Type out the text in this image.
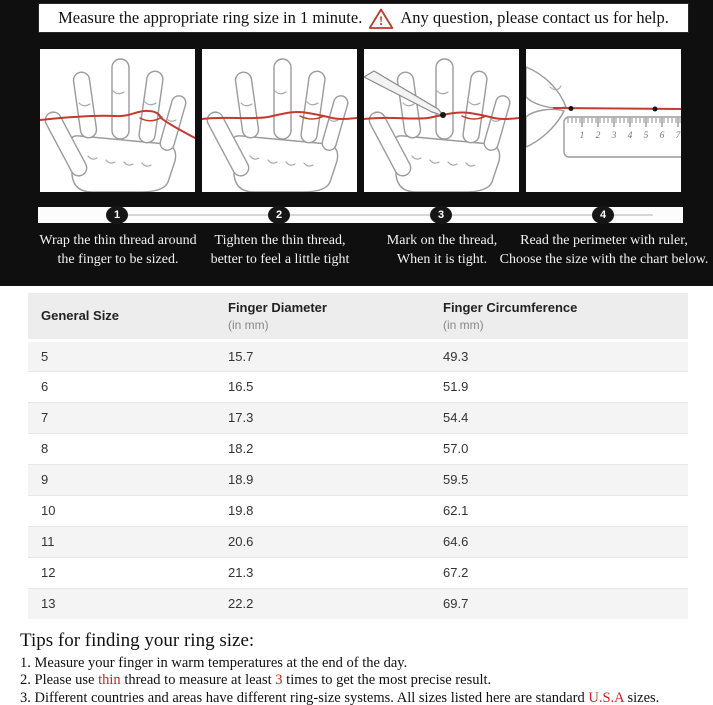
Measure the appropriate ring size in 1 minute. ! Any question, please contact us for help.
1 2 3 4 5 6 7
1	2	3	4
Wrap the thin thread around
the finger to be sized.
Tighten the thin thread,
better to feel a little tight
Mark on the thread,
When it is tight.
Read the perimeter with ruler,
Choose the size with the chart below.
General Size

Finger Diameter
(in mm)

Finger Circumference
(in mm)

5	15.7	49.3
6	16.5	51.9
7	17.3	54.4
8	18.2	57.0
9	18.9	59.5
10	19.8	62.1
11	20.6	64.6
12	21.3	67.2
13	22.2	69.7
Tips for finding your ring size:
1. Measure your finger in warm temperatures at the end of the day.
2. Please use thin thread to measure at least 3 times to get the most precise result.
3. Different countries and areas have different ring-size systems. All sizes listed here are standard U.S.A sizes.
